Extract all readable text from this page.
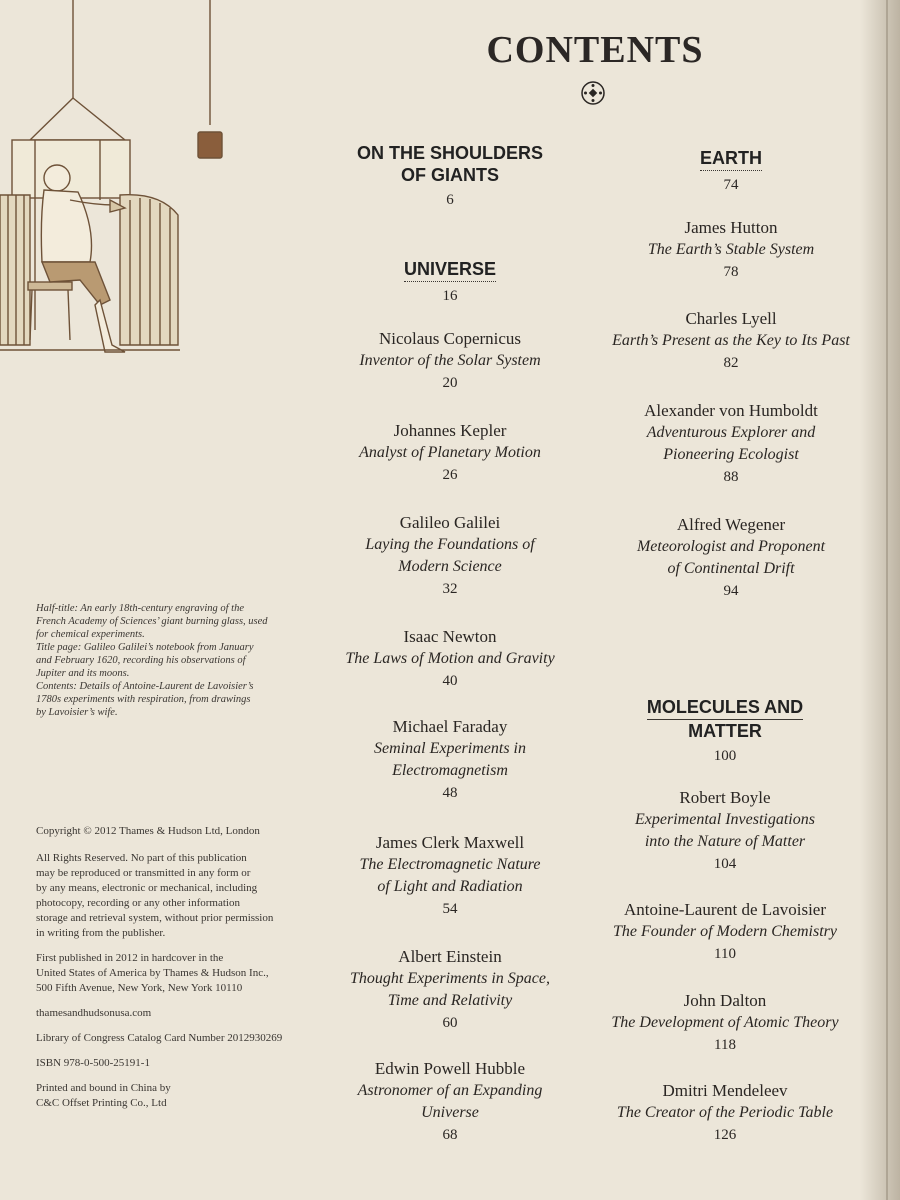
CONTENTS
ON THE SHOULDERS
OF GIANTS
6
UNIVERSE
16
Nicolaus Copernicus
Inventor of the Solar System
20
Johannes Kepler
Analyst of Planetary Motion
26
Galileo Galilei
Laying the Foundations of
Modern Science
32
Isaac Newton
The Laws of Motion and Gravity
40
Michael Faraday
Seminal Experiments in
Electromagnetism
48
James Clerk Maxwell
The Electromagnetic Nature
of Light and Radiation
54
Albert Einstein
Thought Experiments in Space,
Time and Relativity
60
Edwin Powell Hubble
Astronomer of an Expanding
Universe
68
EARTH
74
James Hutton
The Earth’s Stable System
78
Charles Lyell
Earth’s Present as the Key to Its Past
82
Alexander von Humboldt
Adventurous Explorer and
Pioneering Ecologist
88
Alfred Wegener
Meteorologist and Proponent
of Continental Drift
94
MOLECULES AND
MATTER
100
Robert Boyle
Experimental Investigations
into the Nature of Matter
104
Antoine-Laurent de Lavoisier
The Founder of Modern Chemistry
110
John Dalton
The Development of Atomic Theory
118
Dmitri Mendeleev
The Creator of the Periodic Table
126

Half-title: An early 18th-century engraving of the

French Academy of Sciences’ giant burning glass, used

for chemical experiments.

Title page: Galileo Galilei’s notebook from January

and February 1620, recording his observations of

Jupiter and its moons.

Contents: Details of Antoine-Laurent de Lavoisier’s

1780s experiments with respiration, from drawings

by Lavoisier’s wife.

Copyright © 2012 Thames & Hudson Ltd, London

All Rights Reserved. No part of this publication
may be reproduced or transmitted in any form or
by any means, electronic or mechanical, including
photocopy, recording or any other information
storage and retrieval system, without prior permission
in writing from the publisher.
First published in 2012 in hardcover in the
United States of America by Thames & Hudson Inc.,
500 Fifth Avenue, New York, New York 10110

thamesandhudsonusa.com

Library of Congress Catalog Card Number 2012930269

ISBN 978-0-500-25191-1

Printed and bound in China by
C&C Offset Printing Co., Ltd
